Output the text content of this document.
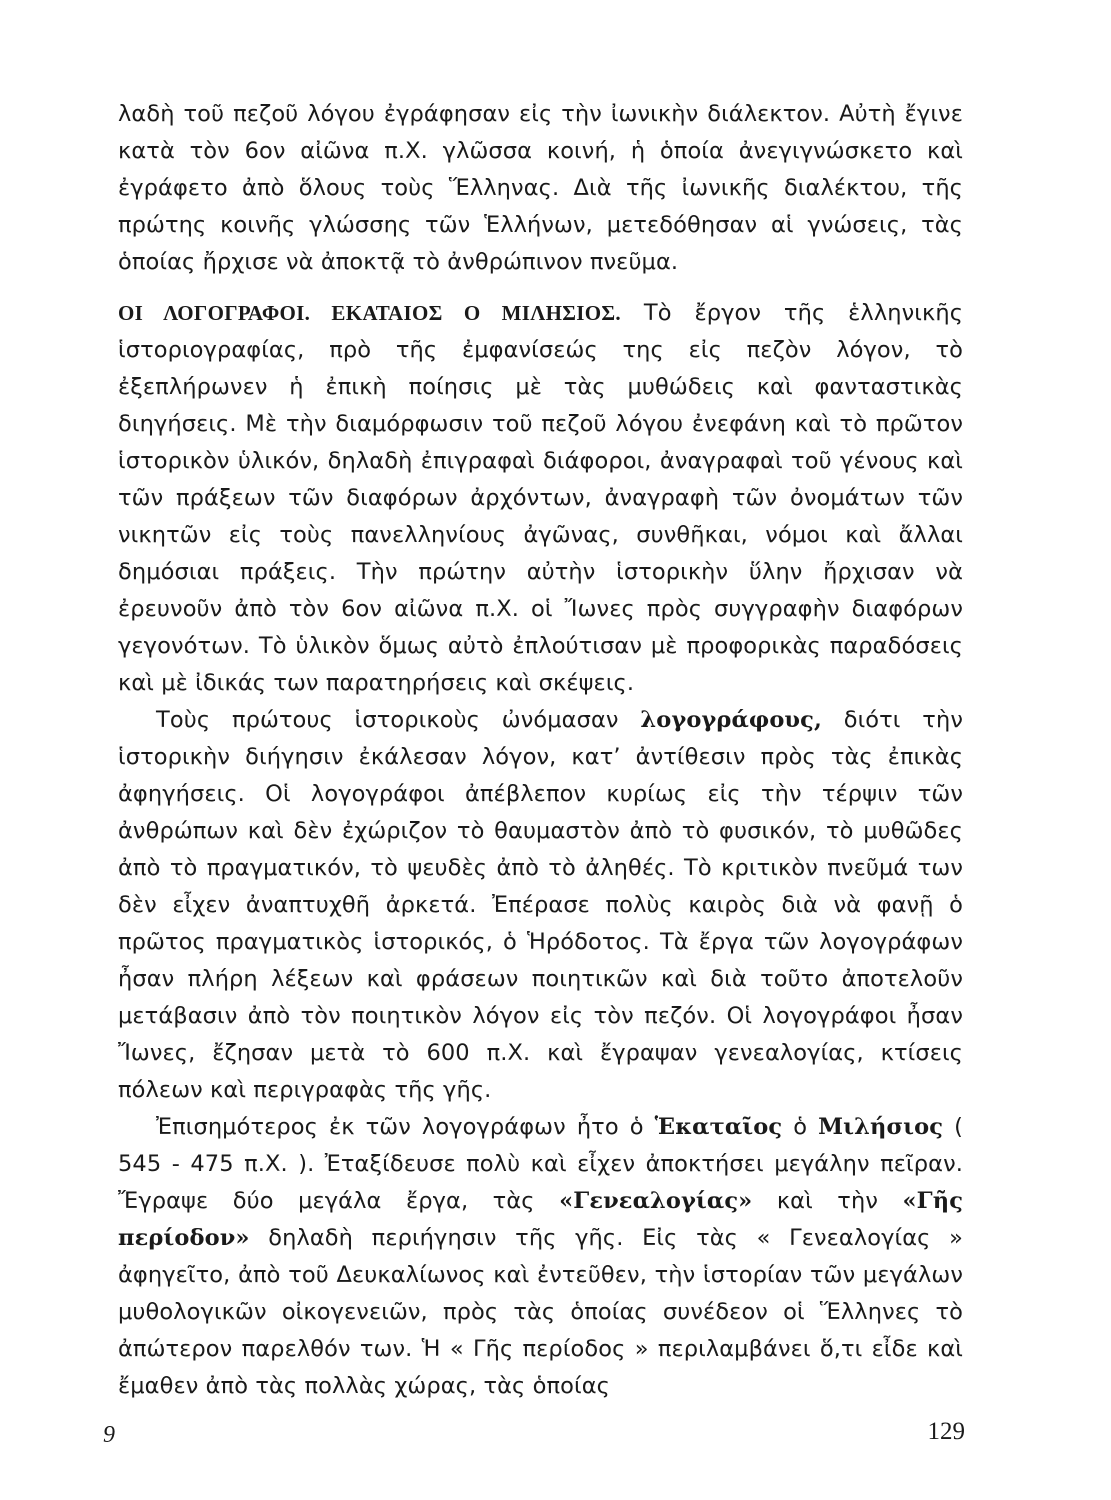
λαδὴ τοῦ πεζοῦ λόγου ἐγράφησαν εἰς τὴν ἰωνικὴν διάλεκτον. Αὐτὴ ἔγινε κατὰ τὸν 6ον αἰῶνα π.Χ. γλῶσσα κοινή, ἡ ὁποία ἀνεγιγνώσκετο καὶ ἐγράφετο ἀπὸ ὅλους τοὺς Ἕλληνας. Διὰ τῆς ἰωνικῆς διαλέκτου, τῆς πρώτης κοινῆς γλώσσης τῶν Ἑλλήνων, μετεδόθησαν αἱ γνώσεις, τὰς ὁποίας ἤρχισε νὰ ἀποκτᾷ τὸ ἀνθρώπινον πνεῦμα.

ΟΙ ΛΟΓΟΓΡΑΦΟΙ. ΕΚΑΤΑΙΟΣ Ο ΜΙΛΗΣΙΟΣ. Τὸ ἔργον τῆς ἑλληνικῆς ἱστοριογραφίας, πρὸ τῆς ἐμφανίσεώς της εἰς πεζὸν λόγον, τὸ ἐξεπλήρωνεν ἡ ἐπικὴ ποίησις μὲ τὰς μυθώδεις καὶ φανταστικὰς διηγήσεις. Μὲ τὴν διαμόρφωσιν τοῦ πεζοῦ λόγου ἐνεφάνη καὶ τὸ πρῶτον ἱστορικὸν ὑλικόν, δηλαδὴ ἐπιγραφαὶ διάφοροι, ἀναγραφαὶ τοῦ γένους καὶ τῶν πράξεων τῶν διαφόρων ἀρχόντων, ἀναγραφὴ τῶν ὀνομάτων τῶν νικητῶν εἰς τοὺς πανελληνίους ἀγῶνας, συνθῆκαι, νόμοι καὶ ἄλλαι δημόσιαι πράξεις. Τὴν πρώτην αὐτὴν ἱστορικὴν ὕλην ἤρχισαν νὰ ἐρευνοῦν ἀπὸ τὸν 6ον αἰῶνα π.Χ. οἱ Ἴωνες πρὸς συγγραφὴν διαφόρων γεγονότων. Τὸ ὑλικὸν ὅμως αὐτὸ ἐπλούτισαν μὲ προφορικὰς παραδόσεις καὶ μὲ ἰδικάς των παρατηρήσεις καὶ σκέψεις.

Τοὺς πρώτους ἱστορικοὺς ὠνόμασαν λογογράφους, διότι τὴν ἱστορικὴν διήγησιν ἐκάλεσαν λόγον, κατ’ ἀντίθεσιν πρὸς τὰς ἐπικὰς ἀφηγήσεις. Οἱ λογογράφοι ἀπέβλεπον κυρίως εἰς τὴν τέρψιν τῶν ἀνθρώπων καὶ δὲν ἐχώριζον τὸ θαυμαστὸν ἀπὸ τὸ φυσικόν, τὸ μυθῶδες ἀπὸ τὸ πραγματικόν, τὸ ψευδὲς ἀπὸ τὸ ἀληθές. Τὸ κριτικὸν πνεῦμά των δὲν εἶχεν ἀναπτυχθῆ ἀρκετά. Ἐπέρασε πολὺς καιρὸς διὰ νὰ φανῇ ὁ πρῶτος πραγματικὸς ἱστορικός, ὁ Ἡρόδοτος. Τὰ ἔργα τῶν λογογράφων ἦσαν πλήρη λέξεων καὶ φράσεων ποιητικῶν καὶ διὰ τοῦτο ἀποτελοῦν μετάβασιν ἀπὸ τὸν ποιητικὸν λόγον εἰς τὸν πεζόν. Οἱ λογογράφοι ἦσαν Ἴωνες, ἔζησαν μετὰ τὸ 600 π.Χ. καὶ ἔγραψαν γενεαλογίας, κτίσεις πόλεων καὶ περιγραφὰς τῆς γῆς.

Ἐπισημότερος ἐκ τῶν λογογράφων ἦτο ὁ Ἑκαταῖος ὁ Μιλήσιος ( 545 - 475 π.Χ. ). Ἐταξίδευσε πολὺ καὶ εἶχεν ἀποκτήσει μεγάλην πεῖραν. Ἔγραψε δύο μεγάλα ἔργα, τὰς «Γενεαλογίας» καὶ τὴν «Γῆς περίοδον» δηλαδὴ περιήγησιν τῆς γῆς. Εἰς τὰς « Γενεαλογίας » ἀφηγεῖτο, ἀπὸ τοῦ Δευκαλίωνος καὶ ἐντεῦθεν, τὴν ἱστορίαν τῶν μεγάλων μυθολογικῶν οἰκογενειῶν, πρὸς τὰς ὁποίας συνέδεον οἱ Ἕλληνες τὸ ἀπώτερον παρελθόν των. Ἡ « Γῆς περίοδος » περιλαμβάνει ὅ,τι εἶδε καὶ ἔμαθεν ἀπὸ τὰς πολλὰς χώρας, τὰς ὁποίας

9	129
